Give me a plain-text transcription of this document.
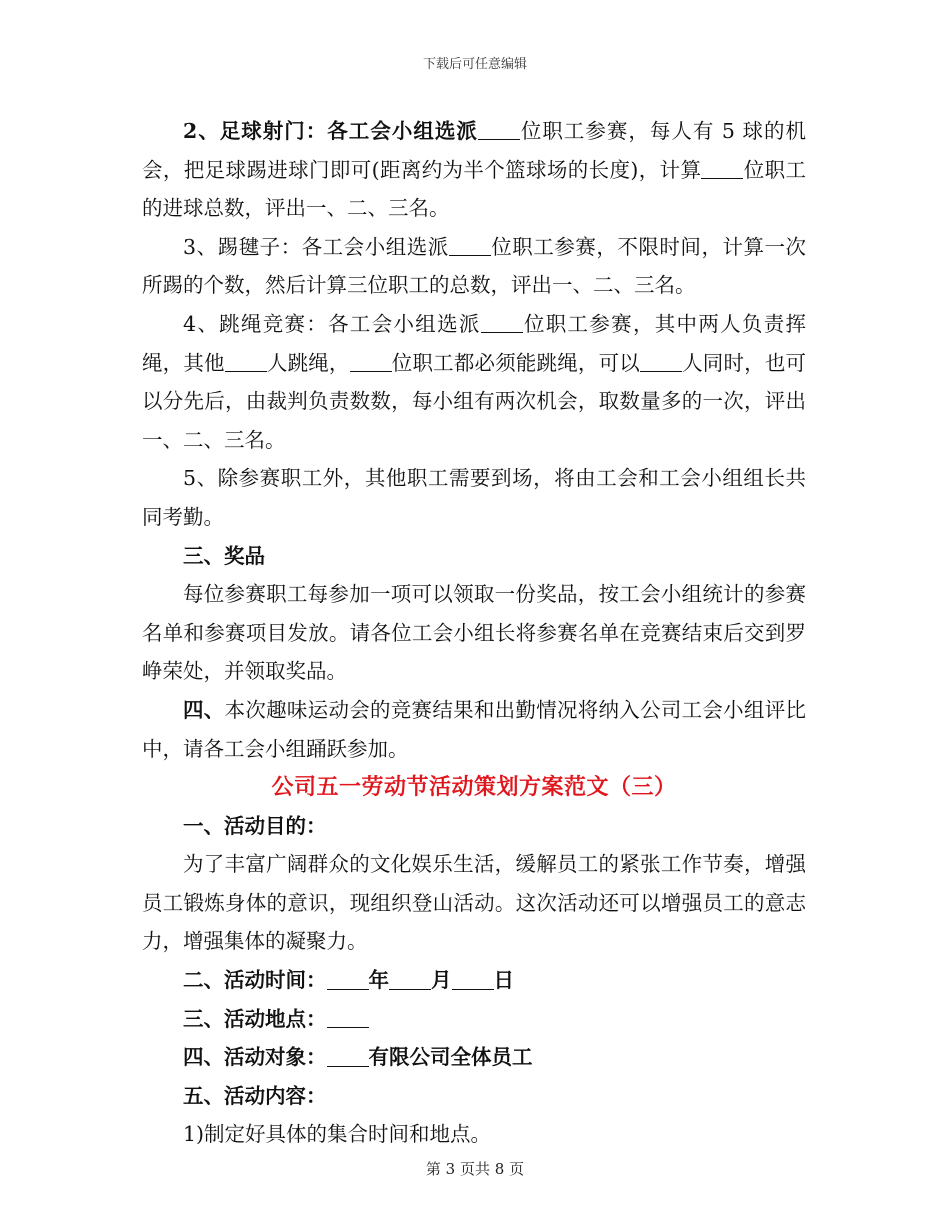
下载后可任意编辑

2、足球射门：各工会小组选派 位职工参赛，每人有 5 球的机会，把足球踢进球门即可(距离约为半个篮球场的长度)，计算 位职工的进球总数，评出一、二、三名。

3、踢毽子：各工会小组选派 位职工参赛，不限时间，计算一次所踢的个数，然后计算三位职工的总数，评出一、二、三名。

4、跳绳竞赛：各工会小组选派 位职工参赛，其中两人负责挥绳，其他 人跳绳， 位职工都必须能跳绳，可以 人同时，也可以分先后，由裁判负责数数，每小组有两次机会，取数量多的一次，评出一、二、三名。

5、除参赛职工外，其他职工需要到场，将由工会和工会小组组长共同考勤。

三、奖品

每位参赛职工每参加一项可以领取一份奖品，按工会小组统计的参赛名单和参赛项目发放。请各位工会小组长将参赛名单在竞赛结束后交到罗峥荣处，并领取奖品。

四、本次趣味运动会的竞赛结果和出勤情况将纳入公司工会小组评比中，请各工会小组踊跃参加。

公司五一劳动节活动策划方案范文（三）

一、活动目的：

为了丰富广阔群众的文化娱乐生活，缓解员工的紧张工作节奏，增强员工锻炼身体的意识，现组织登山活动。这次活动还可以增强员工的意志力，增强集体的凝聚力。

二、活动时间： 年 月 日

三、活动地点：

四、活动对象： 有限公司全体员工

五、活动内容：

1)制定好具体的集合时间和地点。

第 3 页共 8 页
